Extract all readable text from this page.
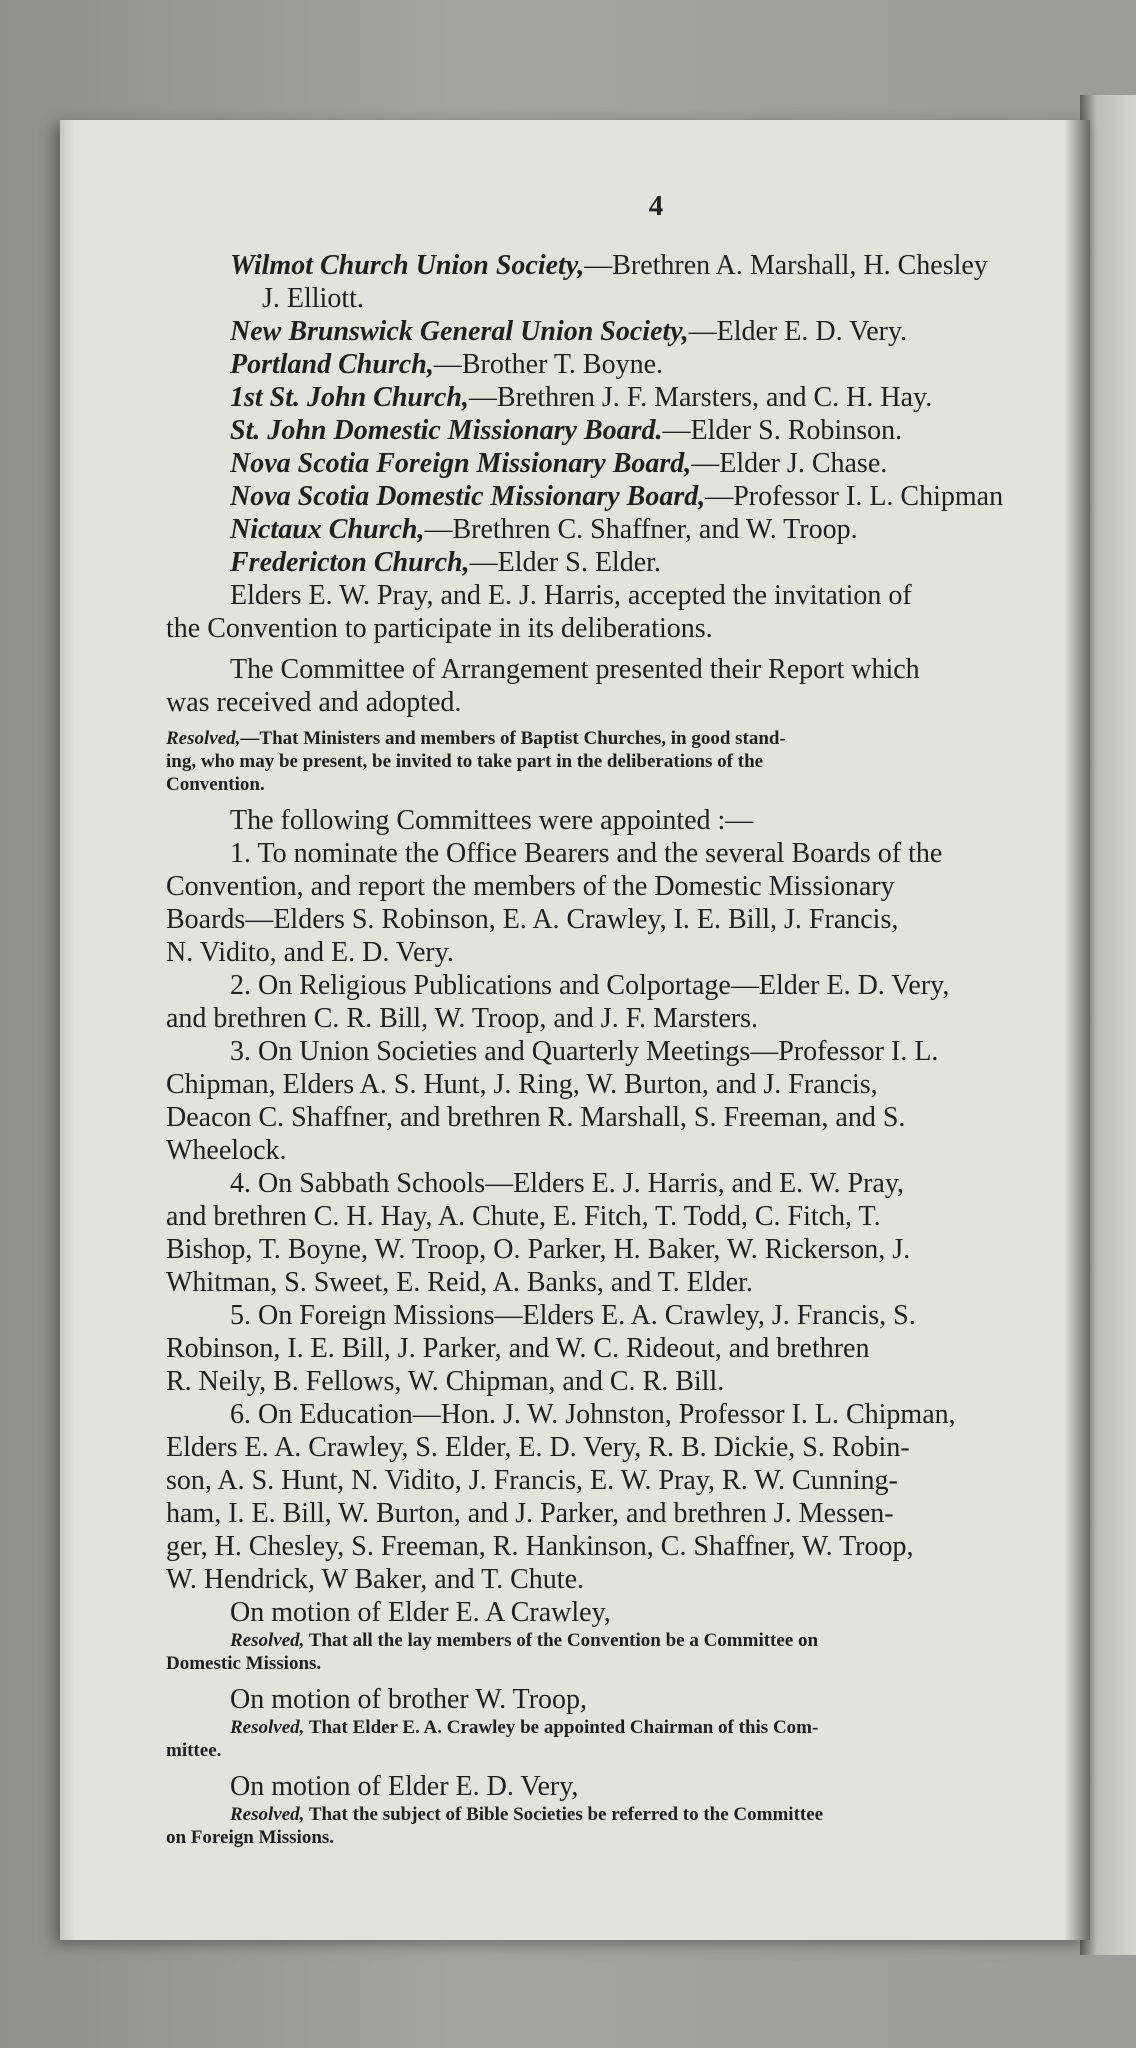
4

Wilmot Church Union Society,—Brethren A. Marshall, H. Chesley

J. Elliott.

New Brunswick General Union Society,—Elder E. D. Very.

Portland Church,—Brother T. Boyne.

1st St. John Church,—Brethren J. F. Marsters, and C. H. Hay.

St. John Domestic Missionary Board.—Elder S. Robinson.

Nova Scotia Foreign Missionary Board,—Elder J. Chase.

Nova Scotia Domestic Missionary Board,—Professor I. L. Chipman

Nictaux Church,—Brethren C. Shaffner, and W. Troop.

Fredericton Church,—Elder S. Elder.

Elders E. W. Pray, and E. J. Harris, accepted the invitation of

the Convention to participate in its deliberations.

The Committee of Arrangement presented their Report which

was received and adopted.

Resolved,—That Ministers and members of Baptist Churches, in good stand-

ing, who may be present, be invited to take part in the deliberations of the

Convention.

The following Committees were appointed :—

1. To nominate the Office Bearers and the several Boards of the

Convention, and report the members of the Domestic Missionary

Boards—Elders S. Robinson, E. A. Crawley, I. E. Bill, J. Francis,

N. Vidito, and E. D. Very.

2. On Religious Publications and Colportage—Elder E. D. Very,

and brethren C. R. Bill, W. Troop, and J. F. Marsters.

3. On Union Societies and Quarterly Meetings—Professor I. L.

Chipman, Elders A. S. Hunt, J. Ring, W. Burton, and J. Francis,

Deacon C. Shaffner, and brethren R. Marshall, S. Freeman, and S.

Wheelock.

4. On Sabbath Schools—Elders E. J. Harris, and E. W. Pray,

and brethren C. H. Hay, A. Chute, E. Fitch, T. Todd, C. Fitch, T.

Bishop, T. Boyne, W. Troop, O. Parker, H. Baker, W. Rickerson, J.

Whitman, S. Sweet, E. Reid, A. Banks, and T. Elder.

5. On Foreign Missions—Elders E. A. Crawley, J. Francis, S.

Robinson, I. E. Bill, J. Parker, and W. C. Rideout, and brethren

R. Neily, B. Fellows, W. Chipman, and C. R. Bill.

6. On Education—Hon. J. W. Johnston, Professor I. L. Chipman,

Elders E. A. Crawley, S. Elder, E. D. Very, R. B. Dickie, S. Robin-

son, A. S. Hunt, N. Vidito, J. Francis, E. W. Pray, R. W. Cunning-

ham, I. E. Bill, W. Burton, and J. Parker, and brethren J. Messen-

ger, H. Chesley, S. Freeman, R. Hankinson, C. Shaffner, W. Troop,

W. Hendrick, W Baker, and T. Chute.

On motion of Elder E. A Crawley,

Resolved, That all the lay members of the Convention be a Committee on

Domestic Missions.

On motion of brother W. Troop,

Resolved, That Elder E. A. Crawley be appointed Chairman of this Com-

mittee.

On motion of Elder E. D. Very,

Resolved, That the subject of Bible Societies be referred to the Committee

on Foreign Missions.
